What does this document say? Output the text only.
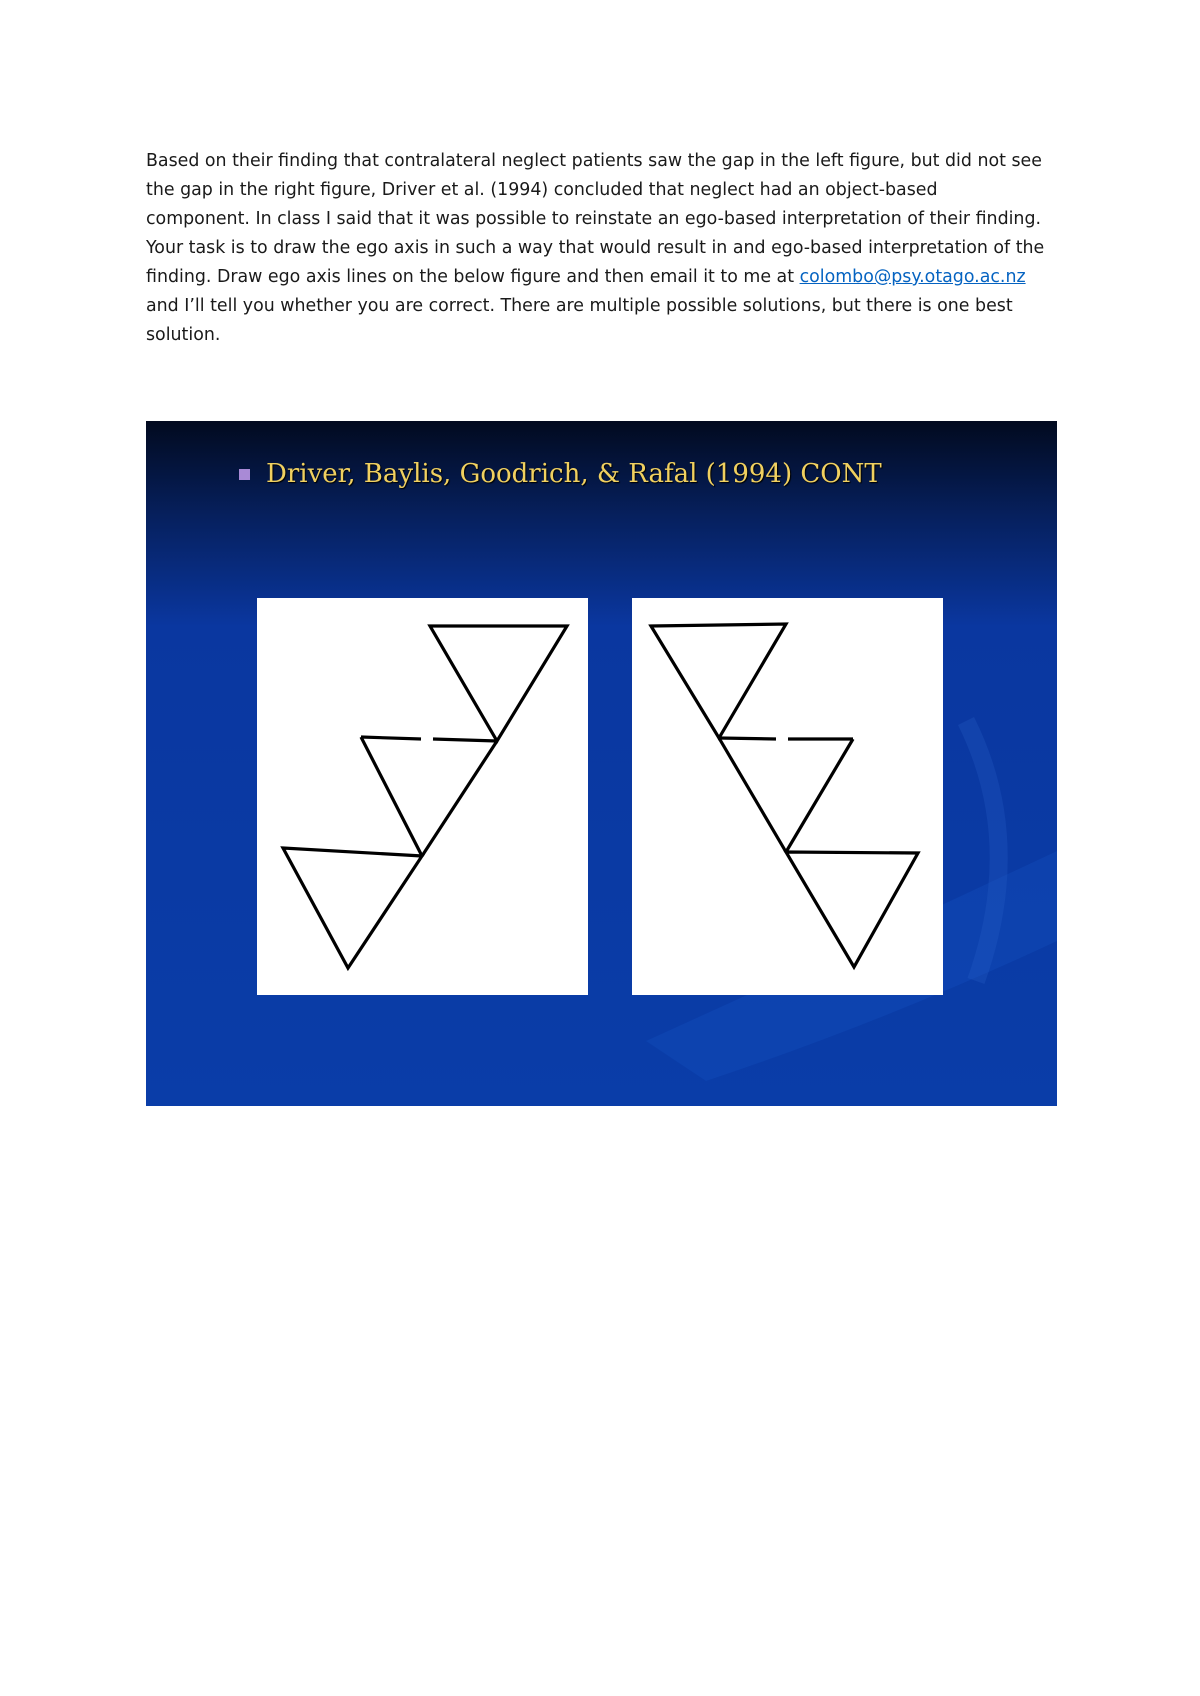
Based on their finding that contralateral neglect patients saw the gap in the left figure, but did not see the gap in the right figure, Driver et al. (1994) concluded that neglect had an object-based component. In class I said that it was possible to reinstate an ego-based interpretation of their finding. Your task is to draw the ego axis in such a way that would result in and ego-based interpretation of the finding. Draw ego axis lines on the below figure and then email it to me at colombo@psy.otago.ac.nz and I’ll tell you whether you are correct. There are multiple possible solutions, but there is one best solution.

Driver, Baylis, Goodrich, & Rafal (1994) CONT
